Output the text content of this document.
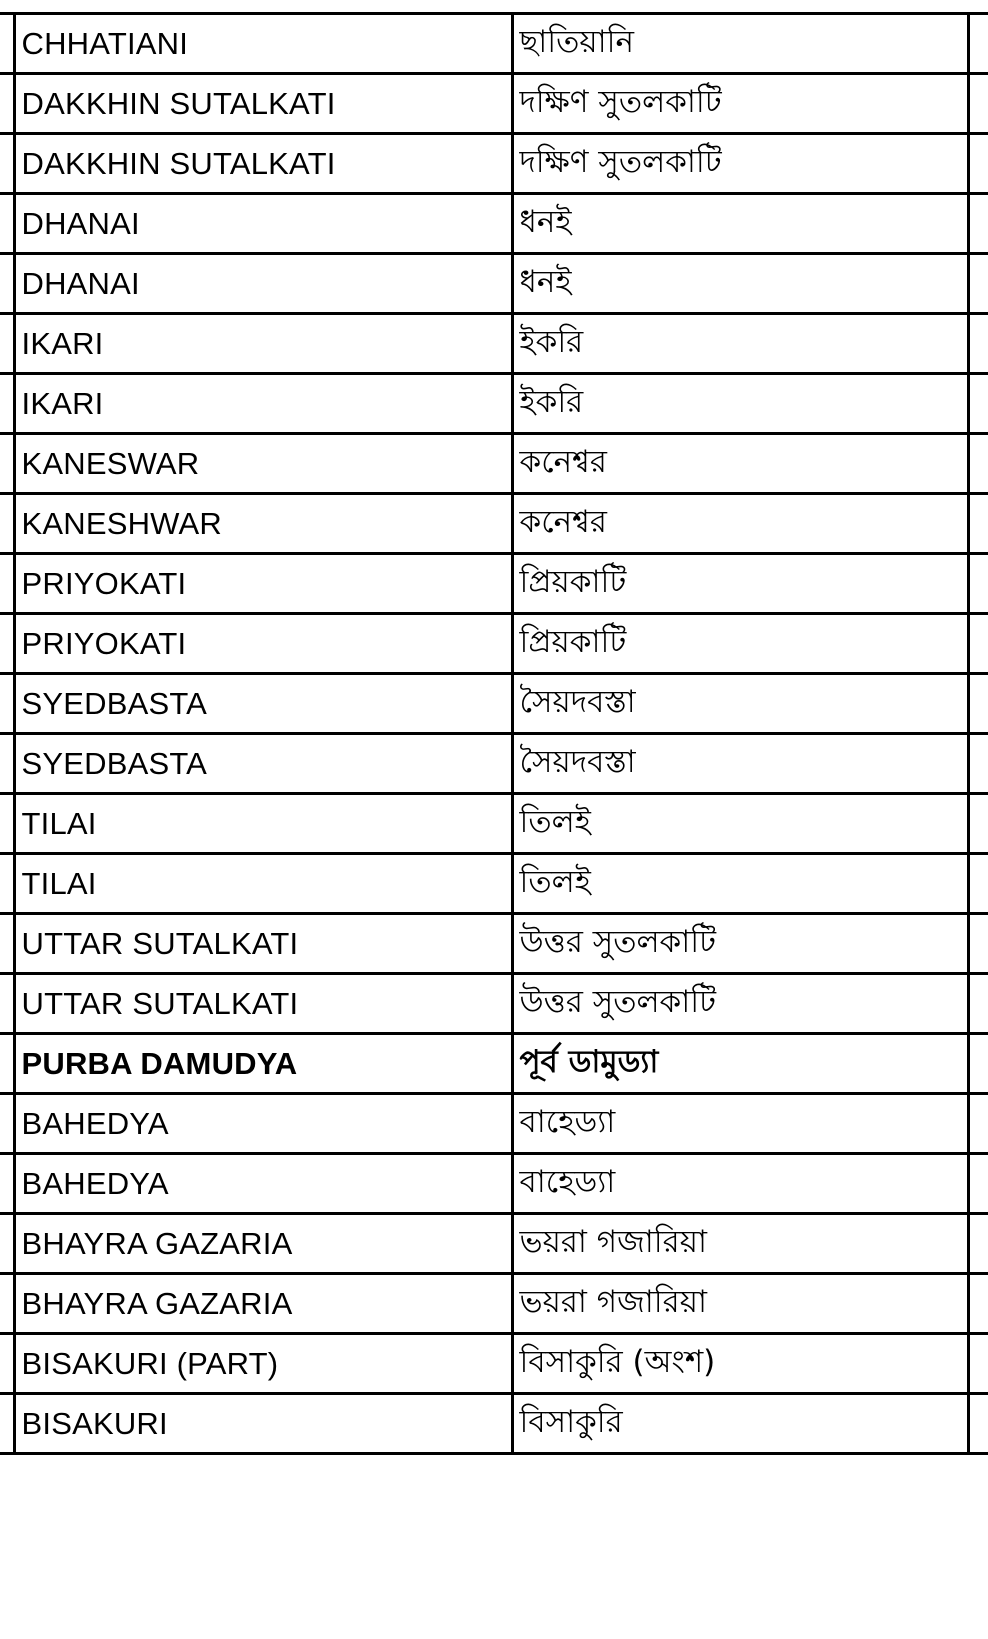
	CHHATIANI	ছাতিয়ানি	
	DAKKHIN SUTALKATI	দক্ষিণ সুতলকাটি	
	DAKKHIN SUTALKATI	দক্ষিণ সুতলকাটি	
	DHANAI	ধনই	
	DHANAI	ধনই	
	IKARI	ইকরি	
	IKARI	ইকরি	
	KANESWAR	কনেশ্বর	
	KANESHWAR	কনেশ্বর	
	PRIYOKATI	প্রিয়কাটি	
	PRIYOKATI	প্রিয়কাটি	
	SYEDBASTA	সৈয়দবস্তা	
	SYEDBASTA	সৈয়দবস্তা	
	TILAI	তিলই	
	TILAI	তিলই	
	UTTAR SUTALKATI	উত্তর সুতলকাটি	
	UTTAR SUTALKATI	উত্তর সুতলকাটি	
	PURBA DAMUDYA	পূর্ব ডামুড্যা	
	BAHEDYA	বাহেড্যা	
	BAHEDYA	বাহেড্যা	
	BHAYRA GAZARIA	ভয়রা গজারিয়া	
	BHAYRA GAZARIA	ভয়রা গজারিয়া	
	BISAKURI (PART)	বিসাকুরি (অংশ)	
	BISAKURI	বিসাকুরি	
